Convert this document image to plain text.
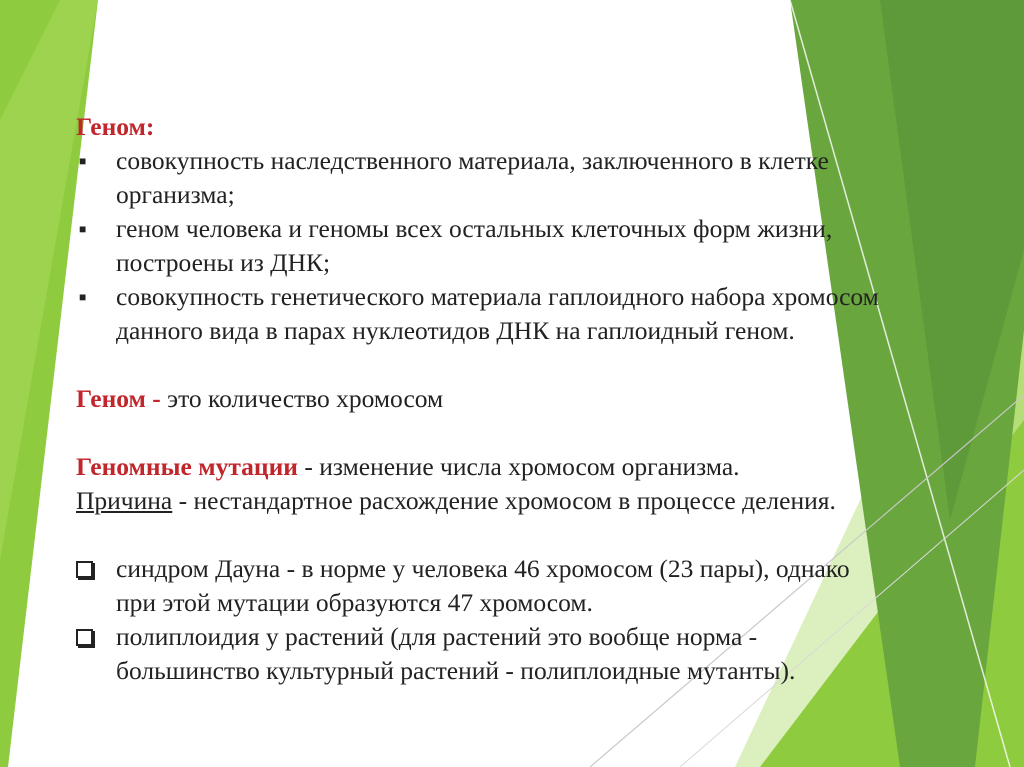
Геном:

■	совокупность наследственного материала, заключенного в клетке

организма;

■	геном человека и геномы всех остальных клеточных форм жизни,

построены из ДНК;

■	совокупность генетического материала гаплоидного набора хромосом

данного вида в парах нуклеотидов ДНК на гаплоидный геном.

Геном - это количество хромосом

Геномные мутации - изменение числа хромосом организма.

Причина - нестандартное расхождение хромосом в процессе деления.

синдром Дауна - в норме у человека 46 хромосом (23 пары), однако

при этой мутации образуются 47 хромосом.

полиплоидия у растений (для растений это вообще норма -

большинство культурный растений - полиплоидные мутанты).
